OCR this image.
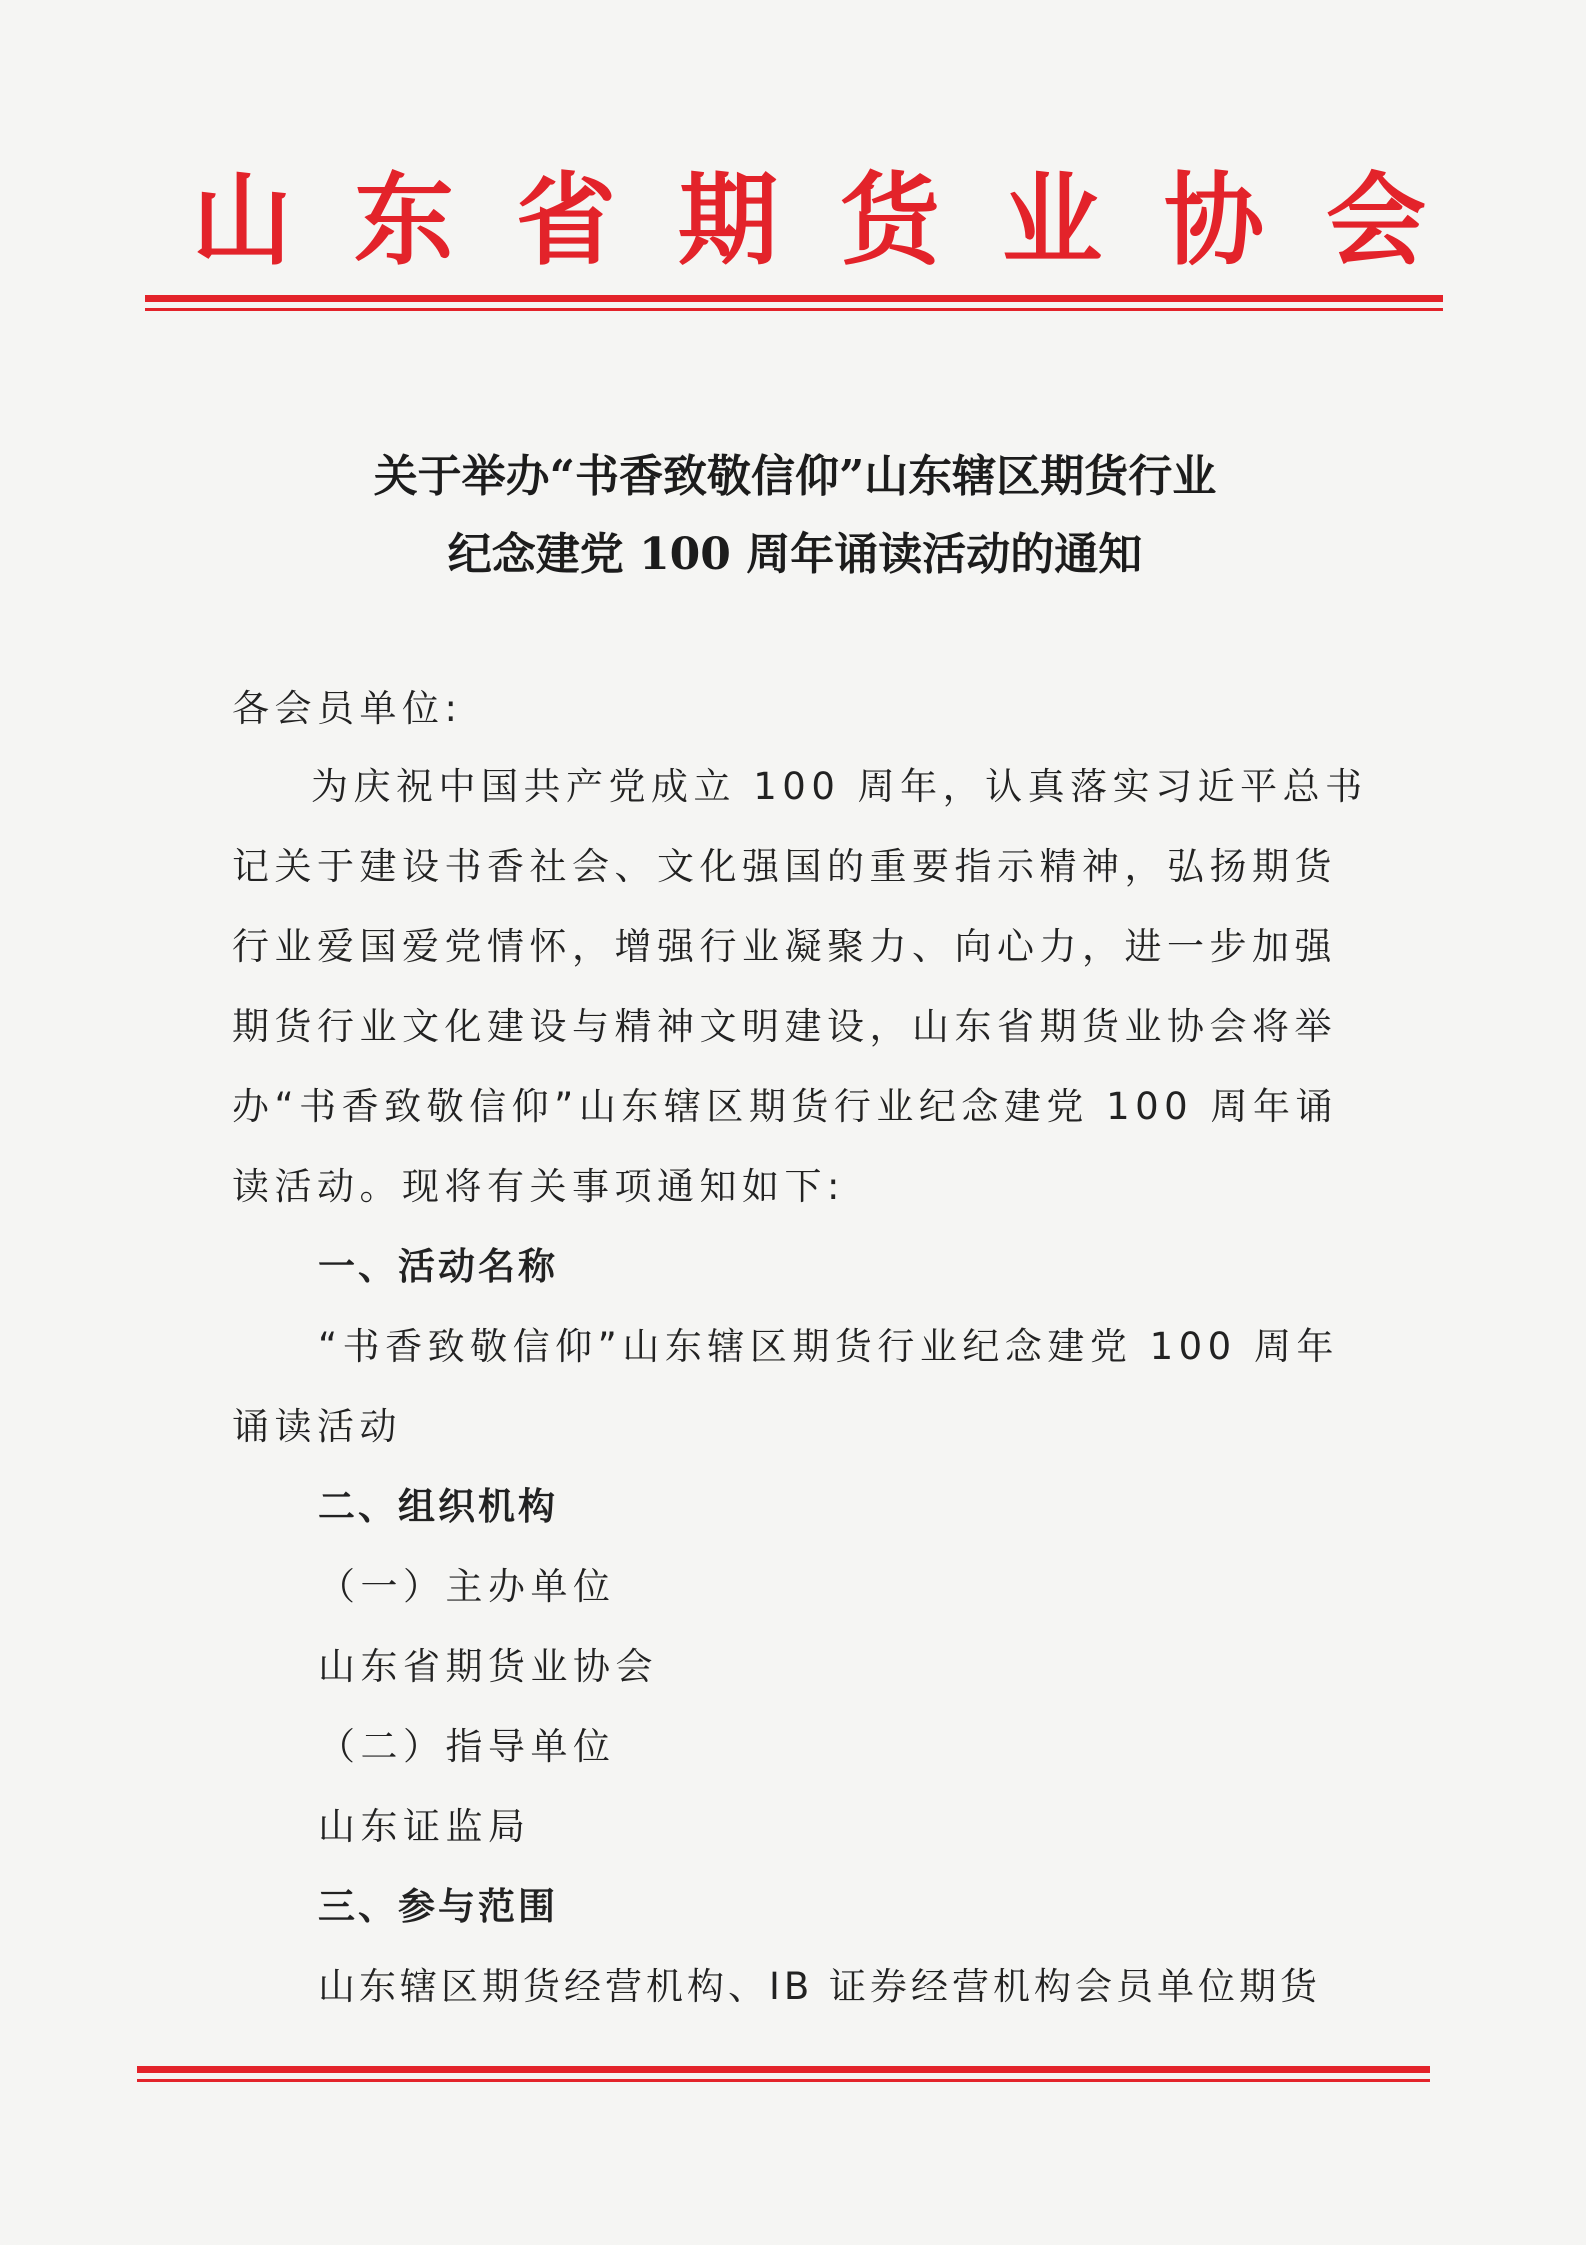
山东省期货业协会
关于举办“书香致敬信仰”山东辖区期货行业
纪念建党 100 周年诵读活动的通知
各会员单位:
为庆祝中国共产党成立 100 周年，认真落实习近平总书
记关于建设书香社会、文化强国的重要指示精神，弘扬期货
行业爱国爱党情怀，增强行业凝聚力、向心力，进一步加强
期货行业文化建设与精神文明建设，山东省期货业协会将举
办“书香致敬信仰”山东辖区期货行业纪念建党 100 周年诵
读活动。现将有关事项通知如下:
一、活动名称
“书香致敬信仰”山东辖区期货行业纪念建党 100 周年
诵读活动
二、组织机构
（一）主办单位
山东省期货业协会
（二）指导单位
山东证监局
三、参与范围
山东辖区期货经营机构、IB 证券经营机构会员单位期货
